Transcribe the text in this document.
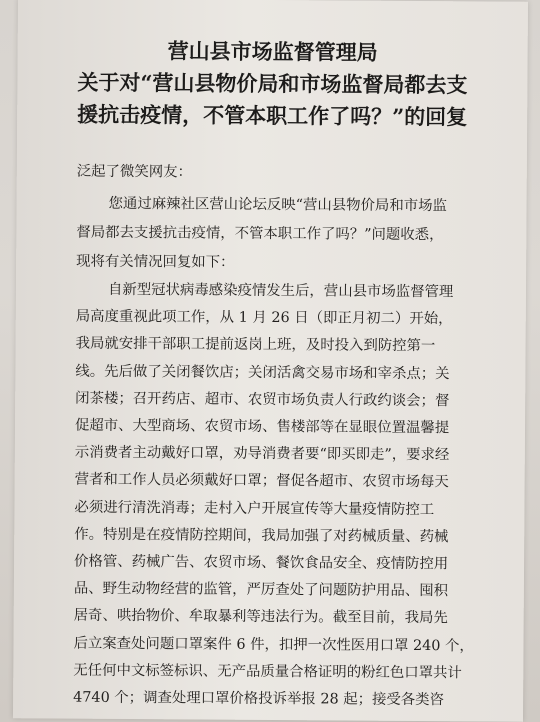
营山县市场监督管理局
关于对“营山县物价局和市场监督局都去支
援抗击疫情，不管本职工作了吗？”的回复
泛起了微笑网友：
您通过麻辣社区营山论坛反映“营山县物价局和市场监
督局都去支援抗击疫情，不管本职工作了吗？”问题收悉，
现将有关情况回复如下：
自新型冠状病毒感染疫情发生后，营山县市场监督管理
局高度重视此项工作，从 1 月 26 日（即正月初二）开始，
我局就安排干部职工提前返岗上班，及时投入到防控第一
线。先后做了关闭餐饮店；关闭活禽交易市场和宰杀点；关
闭茶楼；召开药店、超市、农贸市场负责人行政约谈会；督
促超市、大型商场、农贸市场、售楼部等在显眼位置温馨提
示消费者主动戴好口罩，劝导消费者要“即买即走”，要求经
营者和工作人员必须戴好口罩；督促各超市、农贸市场每天
必须进行清洗消毒；走村入户开展宣传等大量疫情防控工
作。特别是在疫情防控期间，我局加强了对药械质量、药械
价格管、药械广告、农贸市场、餐饮食品安全、疫情防控用
品、野生动物经营的监管，严厉查处了问题防护用品、囤积
居奇、哄抬物价、牟取暴利等违法行为。截至目前，我局先
后立案查处问题口罩案件 6 件，扣押一次性医用口罩 240 个，
无任何中文标签标识、无产品质量合格证明的粉红色口罩共计
4740 个；调查处理口罩价格投诉举报 28 起；接受各类咨
